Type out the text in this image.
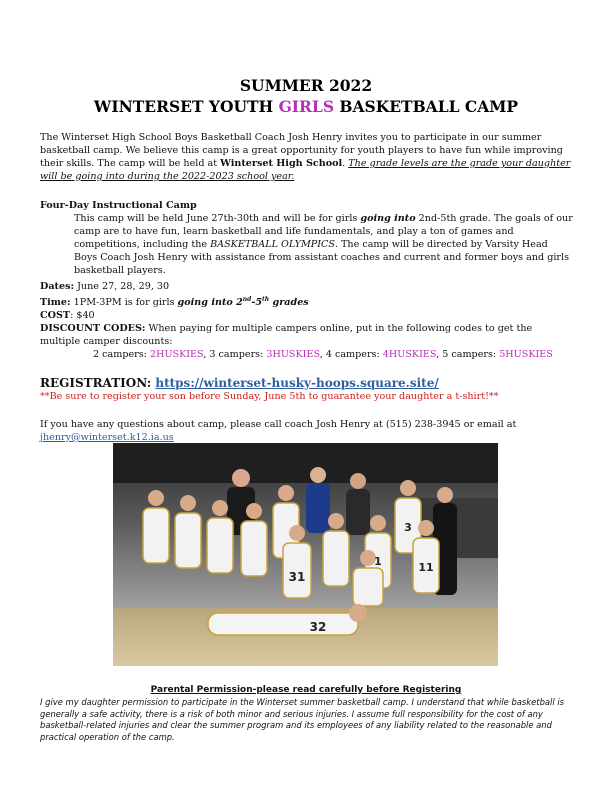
SUMMER 2022
WINTERSET YOUTH GIRLS BASKETBALL CAMP
The Winterset High School Boys Basketball Coach Josh Henry invites you to participate in our summer basketball camp. We believe this camp is a great opportunity for youth players to have fun while improving their skills. The camp will be held at Winterset High School. The grade levels are the grade your daughter will be going into during the 2022-2023 school year.
Four-Day Instructional Camp
This camp will be held June 27th-30th and will be for girls going into 2nd-5th grade. The goals of our camp are to have fun, learn basketball and life fundamentals, and play a ton of games and competitions, including the BASKETBALL OLYMPICS. The camp will be directed by Varsity Head Boys Coach Josh Henry with assistance from assistant coaches and current and former boys and girls basketball players.
Dates: June 27, 28, 29, 30
Time: 1PM-3PM is for girls going into 2nd-5th grades
COST: $40
DISCOUNT CODES: When paying for multiple campers online, put in the following codes to get the multiple camper discounts:
2 campers: 2HUSKIES, 3 campers: 3HUSKIES, 4 campers: 4HUSKIES, 5 campers: 5HUSKIES
REGISTRATION: https://winterset-husky-hoops.square.site/
**Be sure to register your son before Sunday, June 5th to guarantee your daughter a t-shirt!**
If you have any questions about camp, please call coach Josh Henry at (515) 238-3945 or email at jhenry@winterset.k12.ia.us
31
32
11
3
1
Parental Permission-please read carefully before Registering
I give my daughter permission to participate in the Winterset summer basketball camp. I understand that while basketball is generally a safe activity, there is a risk of both minor and serious injuries. I assume full responsibility for the cost of any basketball-related injuries and clear the summer program and its employees of any liability related to the reasonable and practical operation of the camp.
